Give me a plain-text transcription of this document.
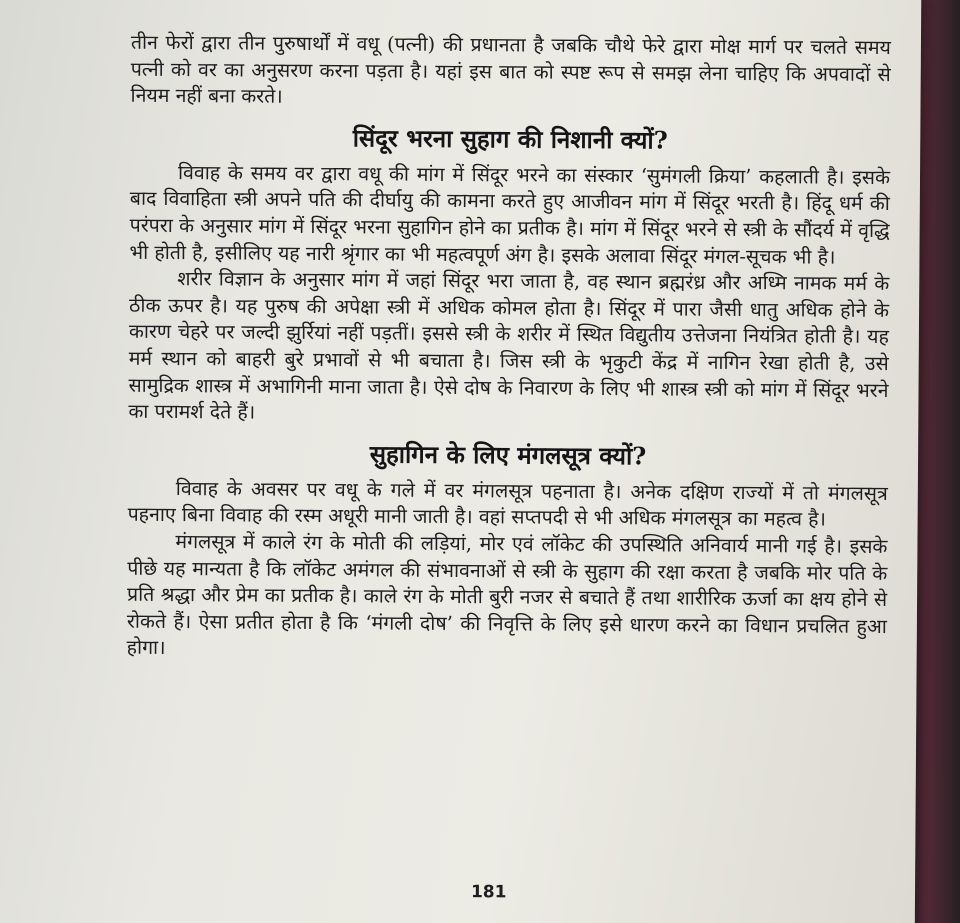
तीन फेरों द्वारा तीन पुरुषार्थों में वधू (पत्नी) की प्रधानता है जबकि चौथे फेरे द्वारा मोक्ष मार्ग पर चलते समय पत्नी को वर का अनुसरण करना पड़ता है। यहां इस बात को स्पष्ट रूप से समझ लेना चाहिए कि अपवादों से नियम नहीं बना करते।

सिंदूर भरना सुहाग की निशानी क्यों?

विवाह के समय वर द्वारा वधू की मांग में सिंदूर भरने का संस्कार ‘सुमंगली क्रिया’ कहलाती है। इसके बाद विवाहिता स्त्री अपने पति की दीर्घायु की कामना करते हुए आजीवन मांग में सिंदूर भरती है। हिंदू धर्म की परंपरा के अनुसार मांग में सिंदूर भरना सुहागिन होने का प्रतीक है। मांग में सिंदूर भरने से स्त्री के सौंदर्य में वृद्धि भी होती है, इसीलिए यह नारी श्रृंगार का भी महत्वपूर्ण अंग है। इसके अलावा सिंदूर मंगल-सूचक भी है।

शरीर विज्ञान के अनुसार मांग में जहां सिंदूर भरा जाता है, वह स्थान ब्रह्मरंध्र और अध्मि नामक मर्म के ठीक ऊपर है। यह पुरुष की अपेक्षा स्त्री में अधिक कोमल होता है। सिंदूर में पारा जैसी धातु अधिक होने के कारण चेहरे पर जल्दी झुर्रियां नहीं पड़तीं। इससे स्त्री के शरीर में स्थित विद्युतीय उत्तेजना नियंत्रित होती है। यह मर्म स्थान को बाहरी बुरे प्रभावों से भी बचाता है। जिस स्त्री के भृकुटी केंद्र में नागिन रेखा होती है, उसे सामुद्रिक शास्त्र में अभागिनी माना जाता है। ऐसे दोष के निवारण के लिए भी शास्त्र स्त्री को मांग में सिंदूर भरने का परामर्श देते हैं।

सुहागिन के लिए मंगलसूत्र क्यों?

विवाह के अवसर पर वधू के गले में वर मंगलसूत्र पहनाता है। अनेक दक्षिण राज्यों में तो मंगलसूत्र पहनाए बिना विवाह की रस्म अधूरी मानी जाती है। वहां सप्तपदी से भी अधिक मंगलसूत्र का महत्व है।

मंगलसूत्र में काले रंग के मोती की लड़ियां, मोर एवं लॉकेट की उपस्थिति अनिवार्य मानी गई है। इसके पीछे यह मान्यता है कि लॉकेट अमंगल की संभावनाओं से स्त्री के सुहाग की रक्षा करता है जबकि मोर पति के प्रति श्रद्धा और प्रेम का प्रतीक है। काले रंग के मोती बुरी नजर से बचाते हैं तथा शारीरिक ऊर्जा का क्षय होने से रोकते हैं। ऐसा प्रतीत होता है कि ‘मंगली दोष’ की निवृत्ति के लिए इसे धारण करने का विधान प्रचलित हुआ होगा।

181
